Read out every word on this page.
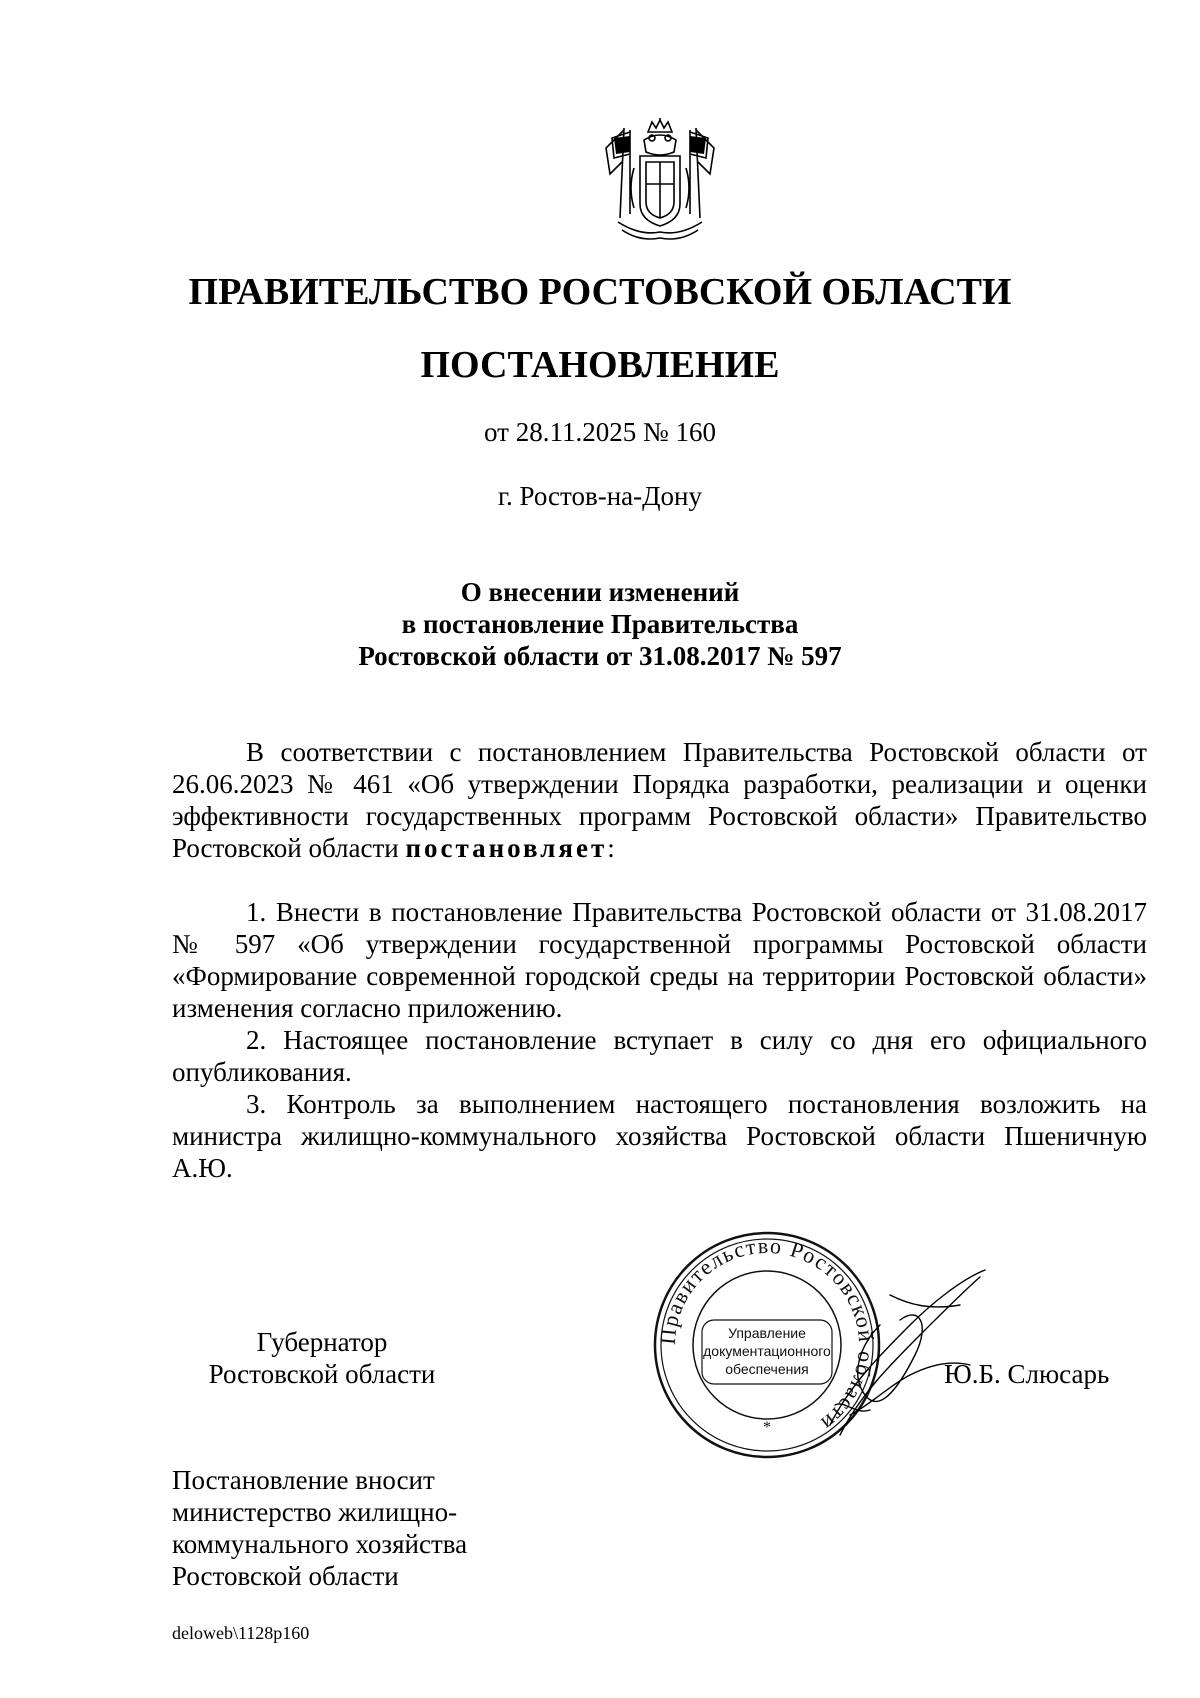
ПРАВИТЕЛЬСТВО РОСТОВСКОЙ ОБЛАСТИ
ПОСТАНОВЛЕНИЕ
от 28.11.2025 № 160
г. Ростов-на-Дону
О внесении изменений
в постановление Правительства
Ростовской области от 31.08.2017 № 597

В соответствии с постановлением Правительства Ростовской области от 26.06.2023 № 461 «Об утверждении Порядка разработки, реализации и оценки эффективности государственных программ Ростовской области» Правительство Ростовской области постановляет:

1. Внести в постановление Правительства Ростовской области от 31.08.2017 № 597 «Об утверждении государственной программы Ростовской области «Формирование современной городской среды на территории Ростовской области» изменения согласно приложению.

2. Настоящее постановление вступает в силу со дня его официального опубликования.

3. Контроль за выполнением настоящего постановления возложить на министра жилищно-коммунального хозяйства Ростовской области Пшеничную А.Ю.

Губернатор
Ростовской области
Правительство Ростовской области
Управление
документационного
обеспечения
*
Ю.Б. Слюсарь
Постановление вносит
министерство жилищно-
коммунального хозяйства
Ростовской области
deloweb\1128p160
